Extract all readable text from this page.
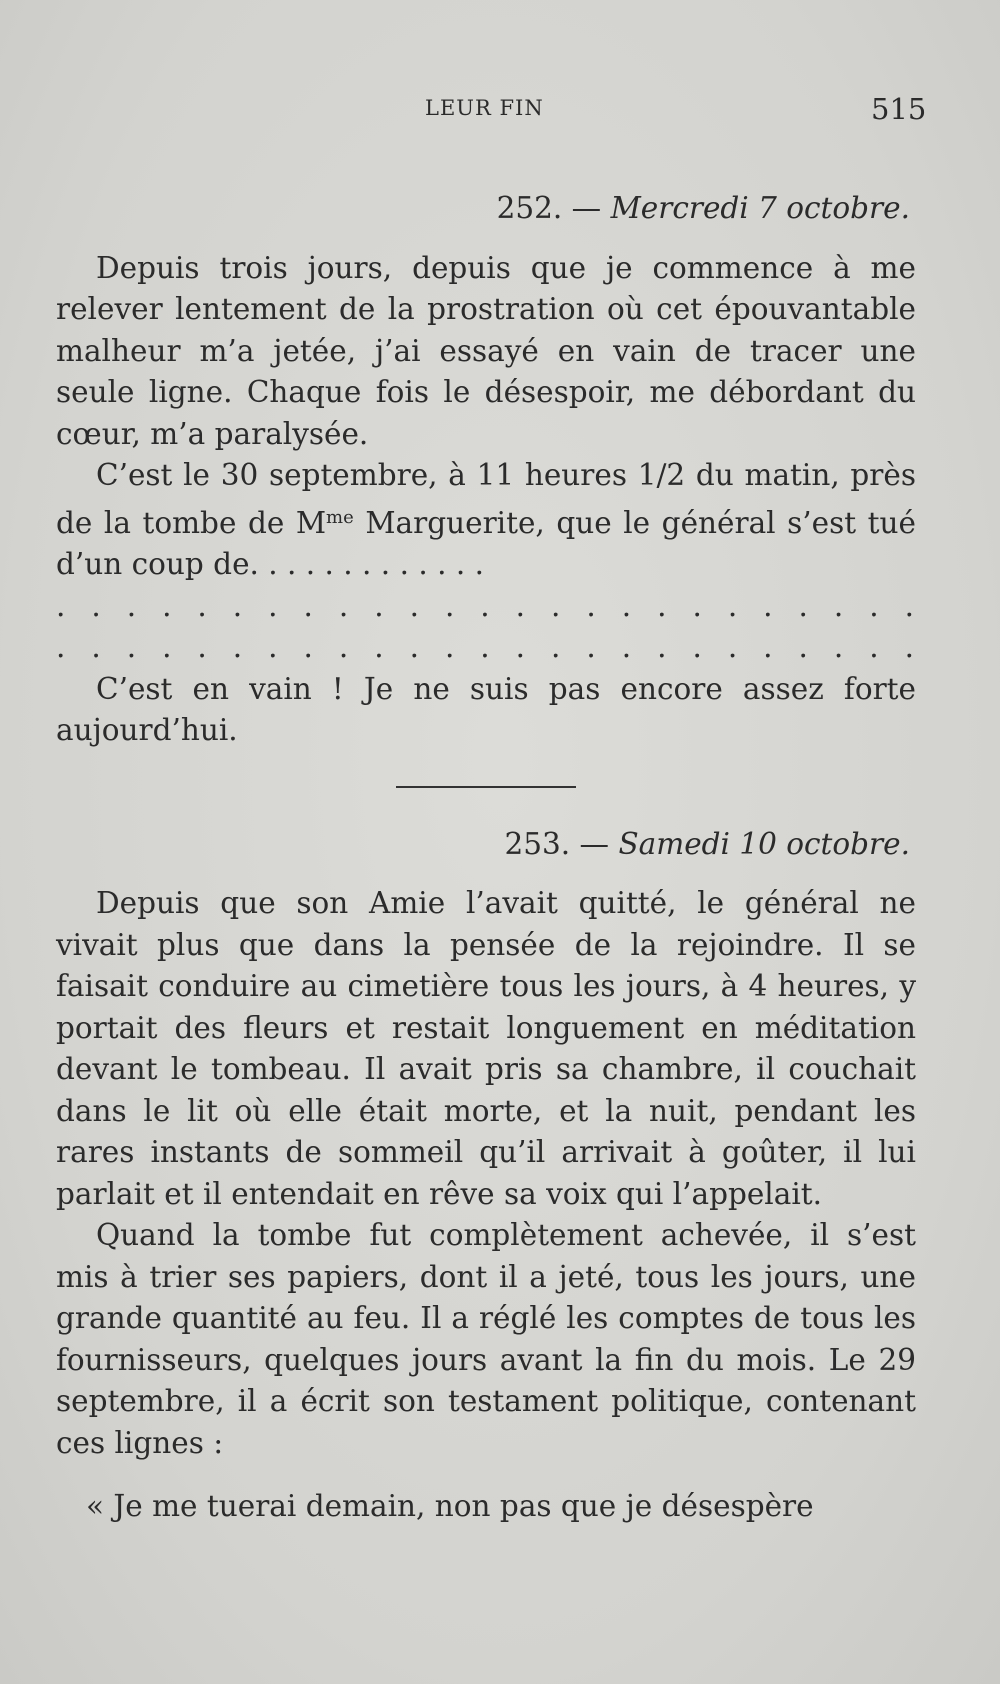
LEUR FIN	515
252. — Mercredi 7 octobre.

Depuis trois jours, depuis que je commence à me relever lentement de la prostration où cet épouvantable malheur m’a jetée, j’ai essayé en vain de tracer une seule ligne. Chaque fois le désespoir, me débordant du cœur, m’a paralysée.

C’est le 30 septembre, à 11 heures 1/2 du matin, près de la tombe de $M^{me}$ Marguerite, que le général s’est tué d’un coup de. . . . . . . . . . . . .

. . . . . . . . . . . . . . . . . . . . . . . . .
. . . . . . . . . . . . . . . . . . . . . . . . .

C’est en vain ! Je ne suis pas encore assez forte aujourd’hui.

253. — Samedi 10 octobre.

Depuis que son Amie l’avait quitté, le général ne vivait plus que dans la pensée de la rejoindre. Il se faisait conduire au cimetière tous les jours, à 4 heures, y portait des fleurs et restait longuement en méditation devant le tombeau. Il avait pris sa chambre, il couchait dans le lit où elle était morte, et la nuit, pendant les rares instants de sommeil qu’il arrivait à goûter, il lui parlait et il entendait en rêve sa voix qui l’appelait.

Quand la tombe fut complètement achevée, il s’est mis à trier ses papiers, dont il a jeté, tous les jours, une grande quantité au feu. Il a réglé les comptes de tous les fournisseurs, quelques jours avant la fin du mois. Le 29 septembre, il a écrit son testament politique, contenant ces lignes :

« Je me tuerai demain, non pas que je désespère
